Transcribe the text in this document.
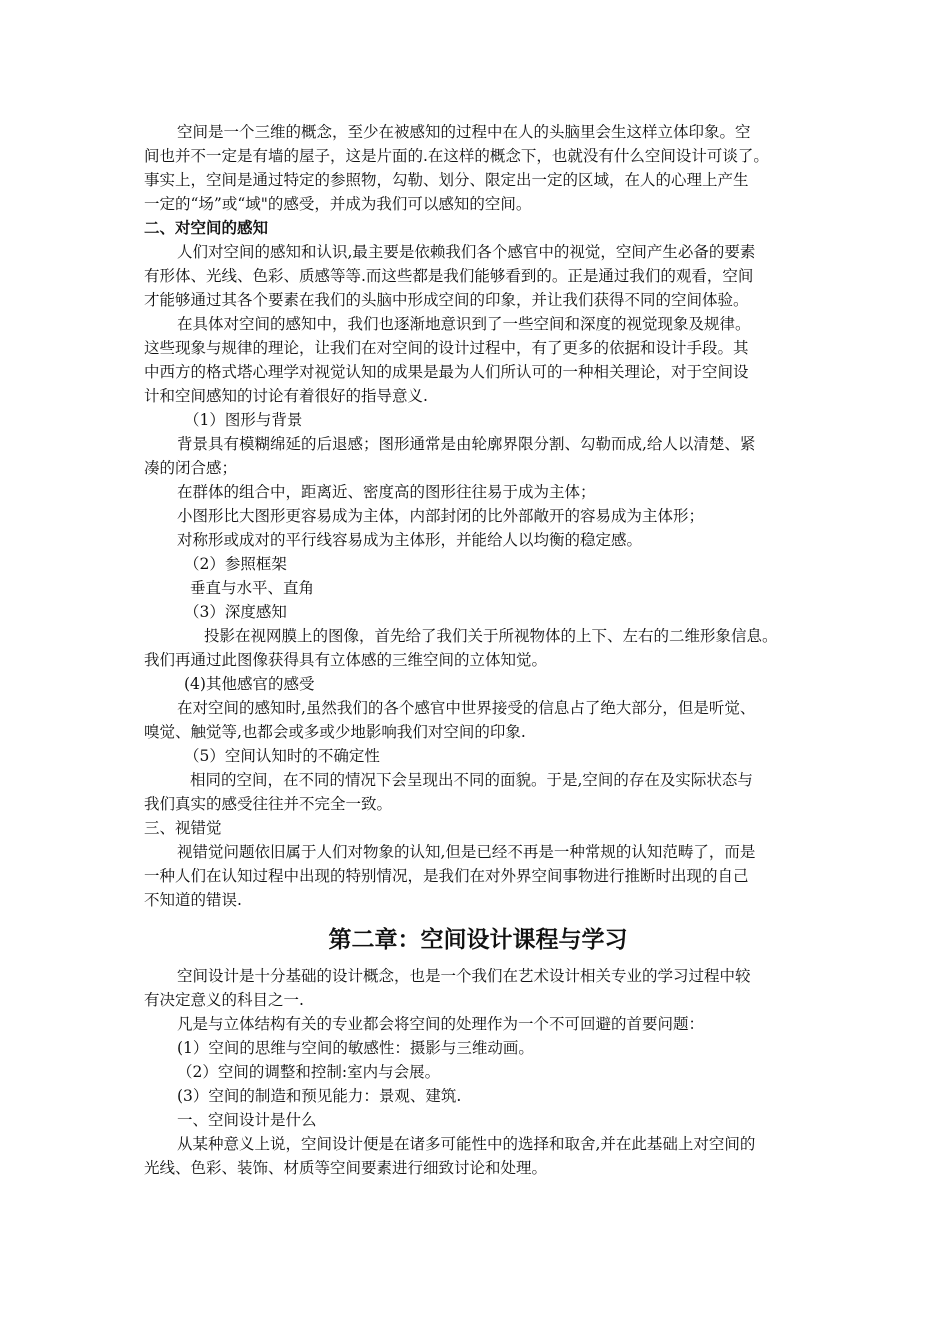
空间是一个三维的概念，至少在被感知的过程中在人的头脑里会生这样立体印象。空

间也并不一定是有墙的屋子，这是片面的.在这样的概念下，也就没有什么空间设计可谈了。

事实上，空间是通过特定的参照物，勾勒、划分、限定出一定的区域，在人的心理上产生

一定的“场”或“域"的感受，并成为我们可以感知的空间。

二、对空间的感知

人们对空间的感知和认识,最主要是依赖我们各个感官中的视觉，空间产生必备的要素

有形体、光线、色彩、质感等等.而这些都是我们能够看到的。正是通过我们的观看，空间

才能够通过其各个要素在我们的头脑中形成空间的印象，并让我们获得不同的空间体验。

在具体对空间的感知中，我们也逐渐地意识到了一些空间和深度的视觉现象及规律。

这些现象与规律的理论，让我们在对空间的设计过程中，有了更多的依据和设计手段。其

中西方的格式塔心理学对视觉认知的成果是最为人们所认可的一种相关理论，对于空间设

计和空间感知的讨论有着很好的指导意义.

（1）图形与背景

背景具有模糊绵延的后退感；图形通常是由轮廓界限分割、勾勒而成,给人以清楚、紧

凑的闭合感；

在群体的组合中，距离近、密度高的图形往往易于成为主体；

小图形比大图形更容易成为主体，内部封闭的比外部敞开的容易成为主体形；

对称形或成对的平行线容易成为主体形，并能给人以均衡的稳定感。

（2）参照框架

垂直与水平、直角

（3）深度感知

投影在视网膜上的图像，首先给了我们关于所视物体的上下、左右的二维形象信息。

我们再通过此图像获得具有立体感的三维空间的立体知觉。

(4)其他感官的感受

在对空间的感知时,虽然我们的各个感官中世界接受的信息占了绝大部分，但是听觉、

嗅觉、触觉等,也都会或多或少地影响我们对空间的印象.

（5）空间认知时的不确定性

相同的空间，在不同的情况下会呈现出不同的面貌。于是,空间的存在及实际状态与

我们真实的感受往往并不完全一致。

三、视错觉

视错觉问题依旧属于人们对物象的认知,但是已经不再是一种常规的认知范畴了，而是

一种人们在认知过程中出现的特别情况，是我们在对外界空间事物进行推断时出现的自己

不知道的错误.

第二章：空间设计课程与学习

空间设计是十分基础的设计概念，也是一个我们在艺术设计相关专业的学习过程中较

有决定意义的科目之一.

凡是与立体结构有关的专业都会将空间的处理作为一个不可回避的首要问题：

(1）空间的思维与空间的敏感性：摄影与三维动画。

（2）空间的调整和控制:室内与会展。

(3）空间的制造和预见能力：景观、建筑.

一、空间设计是什么

从某种意义上说，空间设计便是在诸多可能性中的选择和取舍,并在此基础上对空间的

光线、色彩、装饰、材质等空间要素进行细致讨论和处理。
